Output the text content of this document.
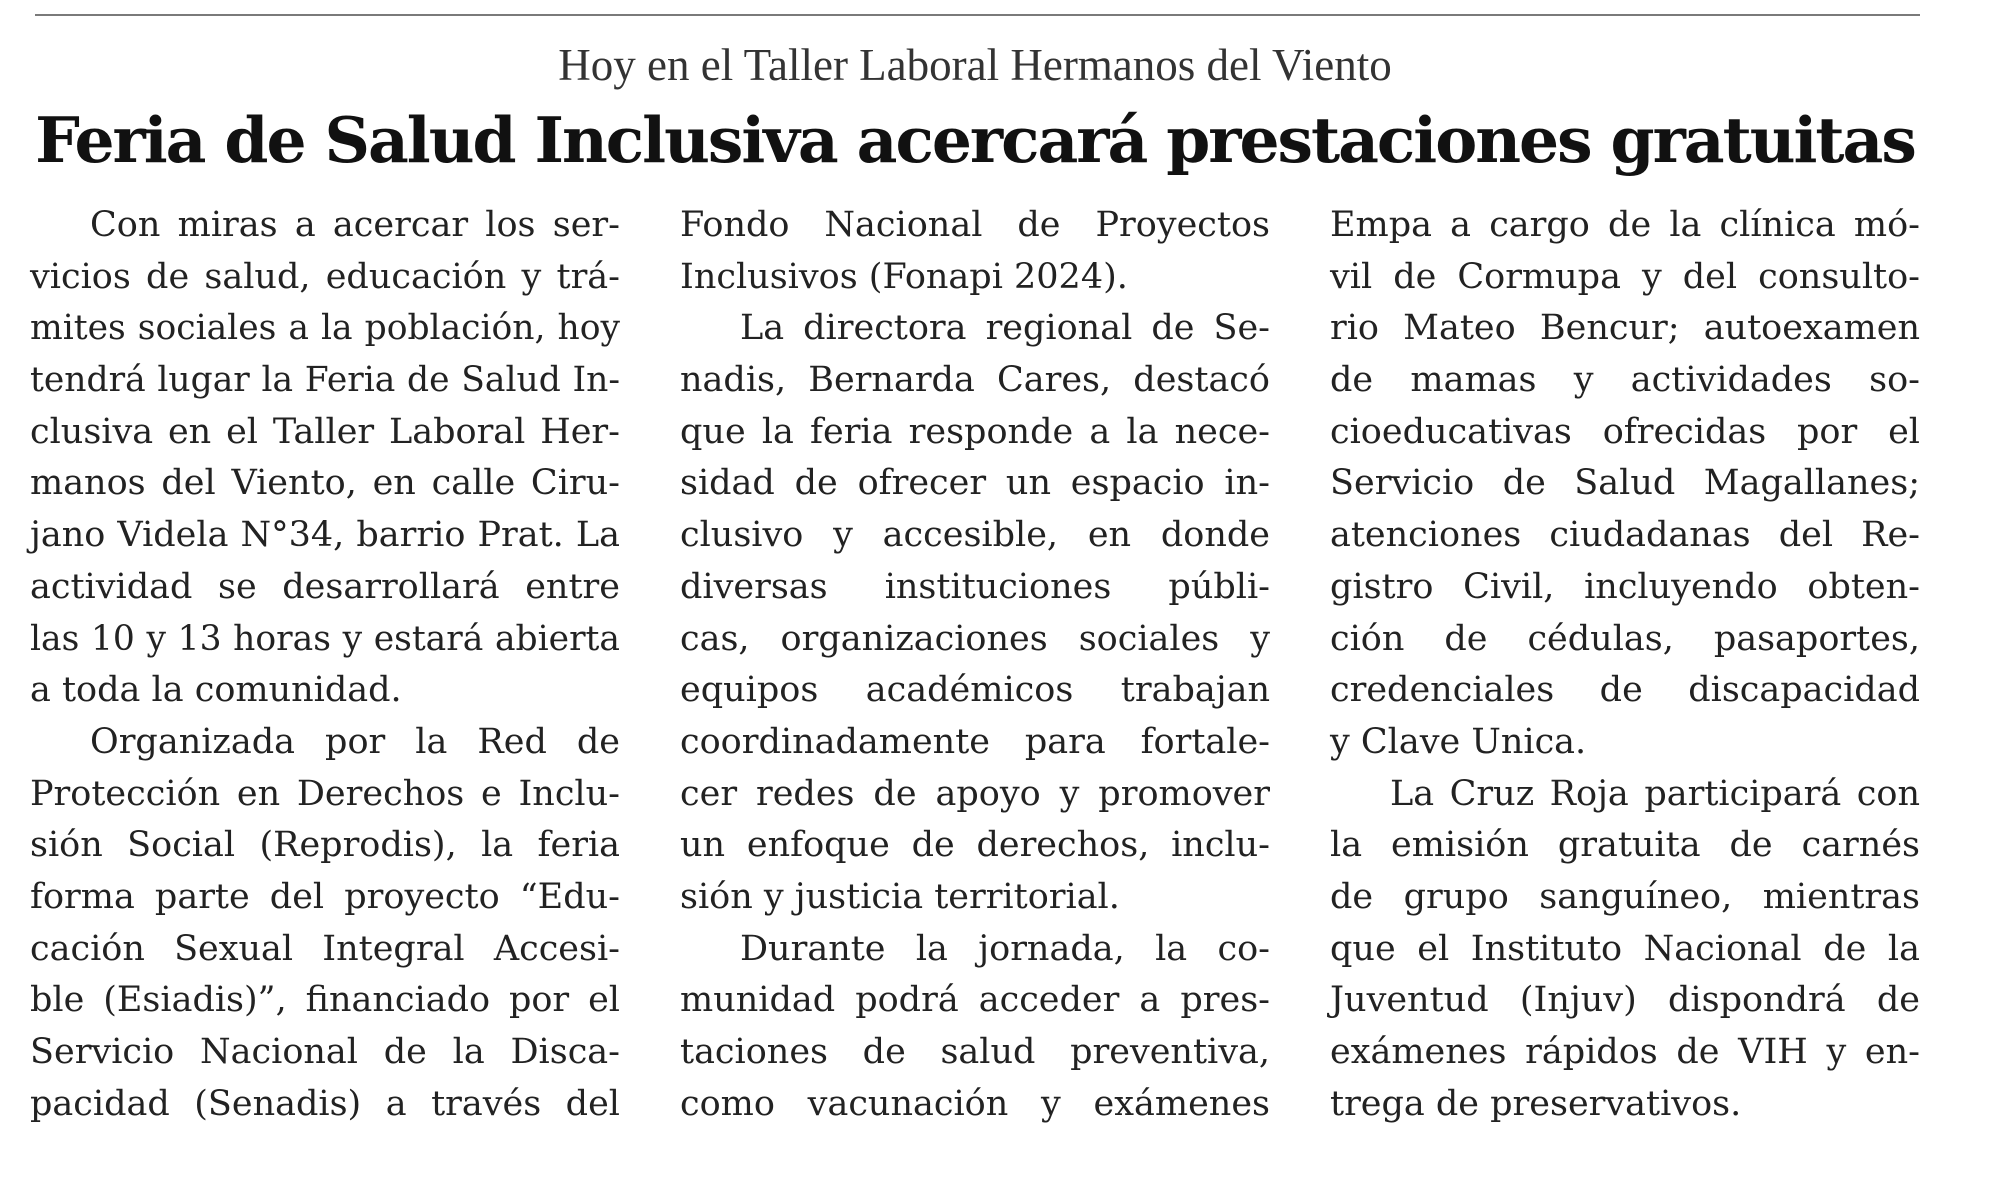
Hoy en el Taller Laboral Hermanos del Viento
Feria de Salud Inclusiva acercará prestaciones gratuitas
Con miras a acercar los ser-
vicios de salud, educación y trá-
mites sociales a la población, hoy
tendrá lugar la Feria de Salud In-
clusiva en el Taller Laboral Her-
manos del Viento, en calle Ciru-
jano Videla N°34, barrio Prat. La
actividad se desarrollará entre
las 10 y 13 horas y estará abierta
a toda la comunidad.
Organizada por la Red de
Protección en Derechos e Inclu-
sión Social (Reprodis), la feria
forma parte del proyecto “Edu-
cación Sexual Integral Accesi-
ble (Esiadis)”, financiado por el
Servicio Nacional de la Disca-
pacidad (Senadis) a través del
Fondo Nacional de Proyectos
Inclusivos (Fonapi 2024).
La directora regional de Se-
nadis, Bernarda Cares, destacó
que la feria responde a la nece-
sidad de ofrecer un espacio in-
clusivo y accesible, en donde
diversas instituciones públi-
cas, organizaciones sociales y
equipos académicos trabajan
coordinadamente para fortale-
cer redes de apoyo y promover
un enfoque de derechos, inclu-
sión y justicia territorial.
Durante la jornada, la co-
munidad podrá acceder a pres-
taciones de salud preventiva,
como vacunación y exámenes
Empa a cargo de la clínica mó-
vil de Cormupa y del consulto-
rio Mateo Bencur; autoexamen
de mamas y actividades so-
cioeducativas ofrecidas por el
Servicio de Salud Magallanes;
atenciones ciudadanas del Re-
gistro Civil, incluyendo obten-
ción de cédulas, pasaportes,
credenciales de discapacidad
y Clave Unica.
La Cruz Roja participará con
la emisión gratuita de carnés
de grupo sanguíneo, mientras
que el Instituto Nacional de la
Juventud (Injuv) dispondrá de
exámenes rápidos de VIH y en-
trega de preservativos.
